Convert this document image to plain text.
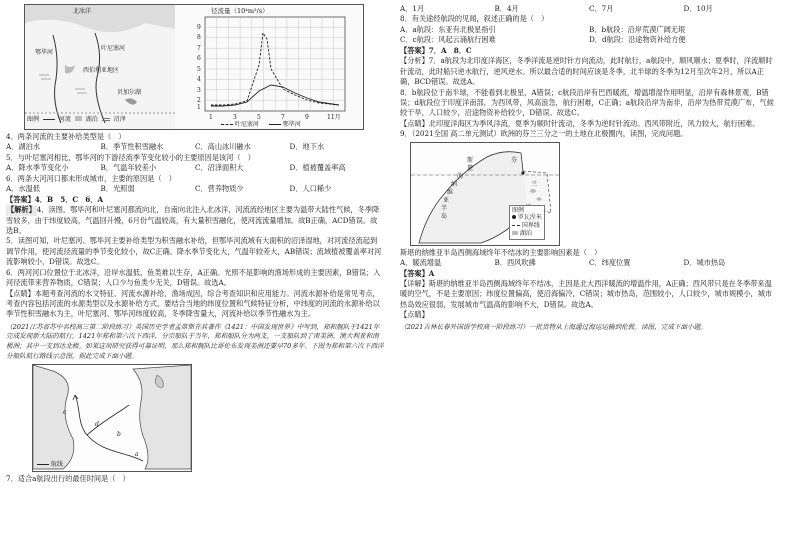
北冰洋
叶尼塞河
鄂毕河
西伯利亚地区
贝加尔湖
图例	河流 湖泊	沼泽
径流量（10⁴m³/s）
9
8
7
6
5
4
3
2
1
1	3	5	7	9	11月
叶尼塞河	鄂毕河
4．两条河流的主要补给类型是（　）
A．湖泊水	B．季节性积雪融水	C．高山冰川融水	D．地下水
5．与叶尼塞河相比，鄂毕河的下游径流季节变化较小的主要原因是该河（　）
A．降水季节变化小	B．气温年较差小	C．沼泽面积大	D．植被覆盖率高
6．两条大河河口都未形成城市，主要的原因是（　）
A．水温低	B．光照弱	C．营养物质少	D．人口稀少
【答案】4．B　5．C　6．A
【解析】4．读图，鄂毕河和叶尼塞河都流向北，自南向北注入北冰洋，河流流经地区主要为温带大陆性气候，冬季降雪较多，由于纬度较高，气温回升慢，6月份气温较高，有大量积雪融化，使河流流量增加。故B正确，ACD错误。故选B。
5．读图可知，叶尼塞河、鄂毕河主要补给类型为积雪融水补给，但鄂毕河流域有大面积的沼泽湿地，对河流径流起到调节作用，使河流径流量的季节变化较小，故C正确。降水季节变化大，气温年较差大，AB错误；流域植被覆盖率对河流影响较小，D错误。故选C。
6．两河河口位置位于北冰洋，沿岸水温低，鱼类难以生存，A正确。光照不是影响的渔场形成的主要因素，B错误；入河径流带来营养物质，C错误；人口少与鱼类少无关，D错误。故选A。
【点睛】本题考查河流的水文特征、河流水源补给，渔场成因，综合考查知识和应用能力。河流水源补给是常见考点，考查内容包括河流的水源类型以及水源补给方式，要结合当地的纬度位置和气候特征分析，中纬度的河流的水源补给以季节性积雪融水为主，叶尼塞河、鄂毕河纬度较高，冬季降雪量大，河流补给以季节性融水为主。
（2021江苏省苏中名校高三第二阶段练习）英国历史学者孟席斯在其著作《1421：中国发现世界》中写到，郑和舰队于1421年完成发现新大陆的航行。1421年郑和第六次下西洋，分宗船队于当年，郑和船队分为两支，一支船队到了南美洲、澳大利亚和南极洲；其中一支到达北极。如果这项研究获得可靠证明，那么郑和舰队比哥伦布发现美洲还要早70多年。下图为郑和第六次下西洋分船队航行路线示意图，据此完成下面小题。
c
d
b
a
航线
7．适合a航段出行的最佳时间是（　）
A．1月	B．4月	C．7月	D．10月
8．有关途经航段的见闻，叙述正确的是（　）
A．a航段：东亚有北极星指引	B．b航段：沿岸荒漠广阔无垠
C．c航段：风起云涌航行困难	D．d航段：沿途物资补给方便
【答案】7．A　8．C
【分析】7．a航段为北印度洋海区，冬季洋流是逆时针方向流动，此时航行，a航段中，顺风顺水；夏季时，洋流顺时针流动，此时船只逆水航行，逆风逆水。所以最合适的时间应该是冬季，北半球的冬季为12月至次年2月，所以A正确，BCD错误。故选A。
8．b航段位于南半球，不能看到北极星，A错误；c航段沿岸有巴西暖流，增温增湿作用明显，沿岸有森林景观，B错误；d航段位于印度洋南部，为西风带，风高浪急，航行困难，C正确；a航段沿岸为南非，沿岸为热带荒漠广布，气候较干旱，人口较少，沿途物资补给较少，D错误。故选C。
【点睛】北印度洋海区为季风洋流，夏季为顺时针流动，冬季为逆时针流动。西风带附近，风力较大，航行困难。
9．（2021全国 高二单元测试）欧洲的芬兰三分之一的土地在北极圈内，读图，完成问题。
斯
堪
的
纳
维
亚
半
岛
芬
兰
图例
罗瓦涅米
国界线
湖泊
斯堪的纳维亚半岛西侧海域终年不结冰的主要影响因素是（　）
A．暖流增温	B．西风吹拂	C．纬度位置	D．城市热岛
【答案】A
【详解】斯堪的纳维亚半岛西侧海域终年不结冰，主因是北大西洋暖流的增温作用，A正确；西风带只是在冬季带来温暖的空气，不是主要原因；纬度位置偏高，使沿海偏冷，C错误；城市热岛，范围较小，人口较少，城市规模小，城市热岛效应很弱，发展城市气温高的影响不大，D错误。故选A。
【点睛】
（2021吉林长春外国语学校高一阶段练习）一批货物从上海通过海运运输到伦敦。读图，完成下面小题。
